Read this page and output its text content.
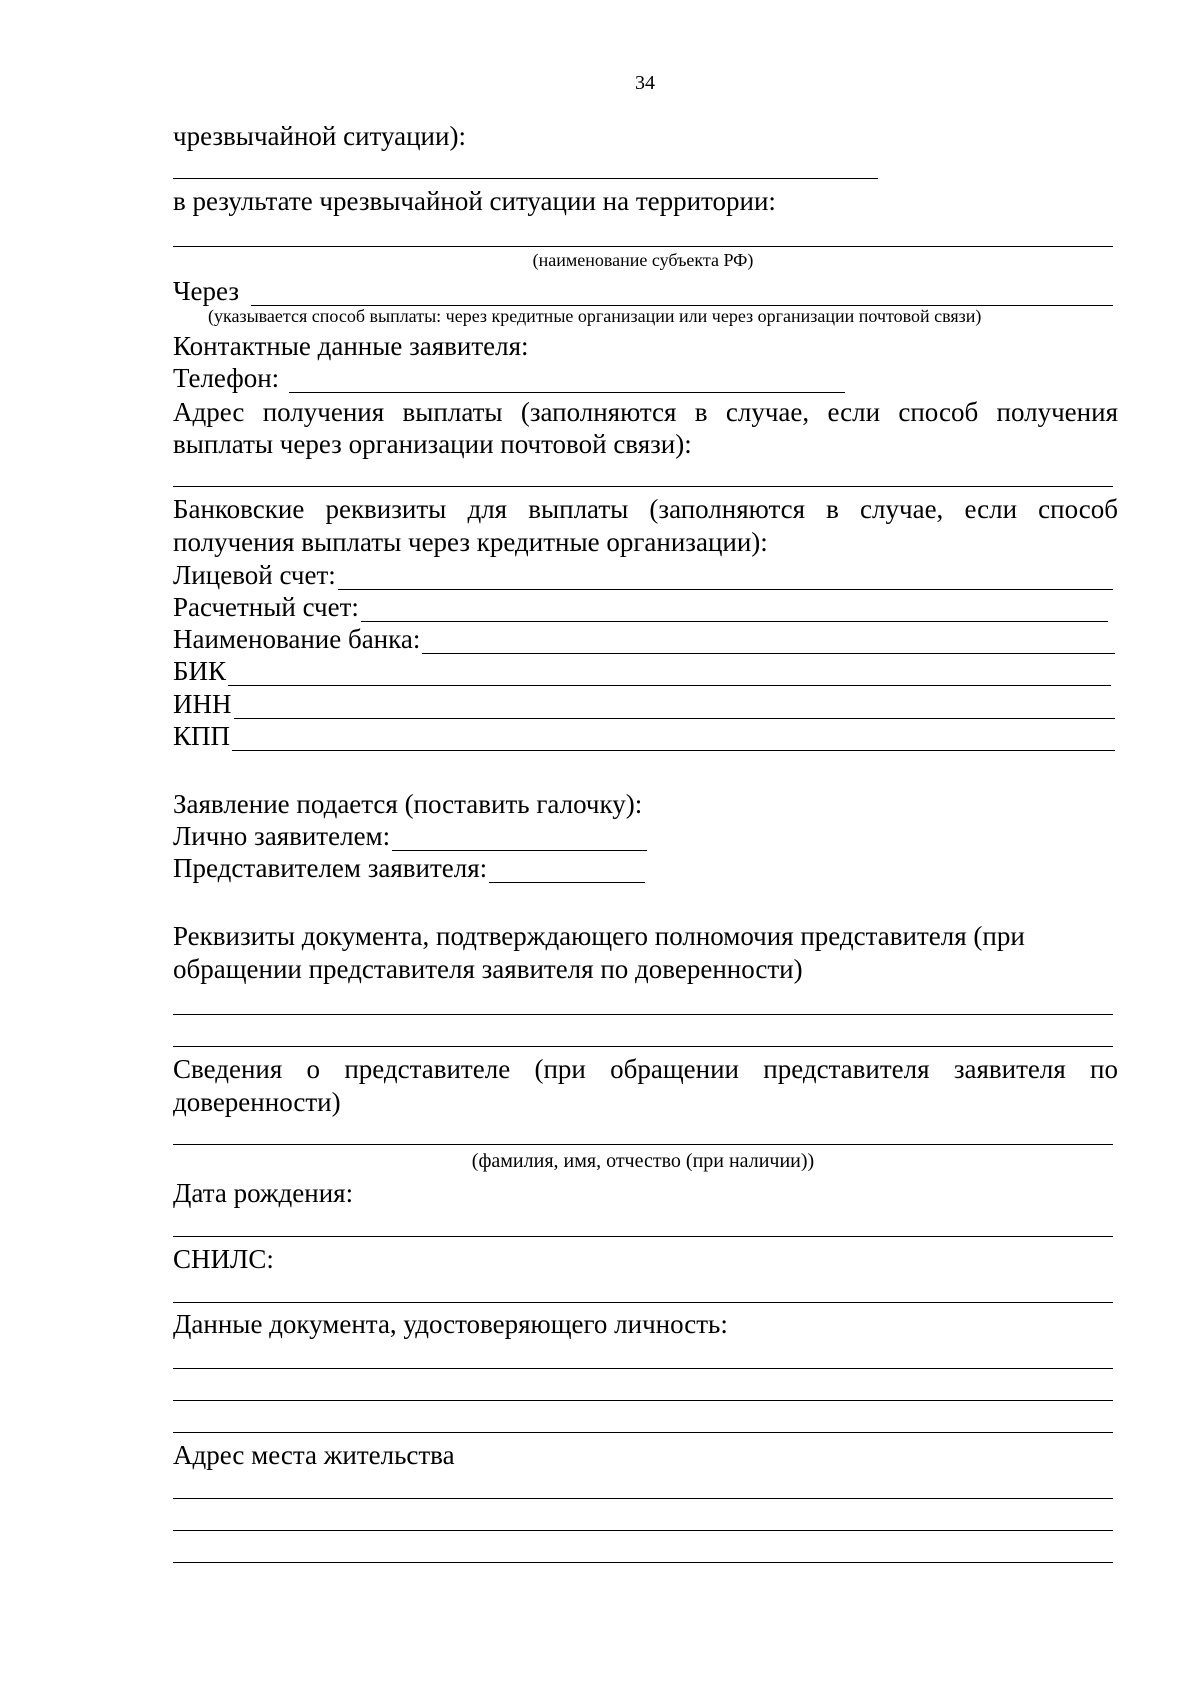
34
чрезвычайной ситуации):
в результате чрезвычайной ситуации на территории:
(наименование субъекта РФ)
Через
(указывается способ выплаты: через кредитные организации или через организации почтовой связи)
Контактные данные заявителя:
Телефон:
Адрес получения выплаты (заполняются в случае, если способ получения
выплаты через организации почтовой связи):
Банковские реквизиты для выплаты (заполняются в случае, если способ
получения выплаты через кредитные организации):
Лицевой счет:
Расчетный счет:
Наименование банка:
БИК
ИНН
КПП
Заявление подается (поставить галочку):
Лично заявителем:
Представителем заявителя:
Реквизиты документа, подтверждающего полномочия представителя (при
обращении представителя заявителя по доверенности)
Сведения о представителе (при обращении представителя заявителя по
доверенности)
(фамилия, имя, отчество (при наличии))
Дата рождения:
СНИЛС:
Данные документа, удостоверяющего личность:
Адрес места жительства
